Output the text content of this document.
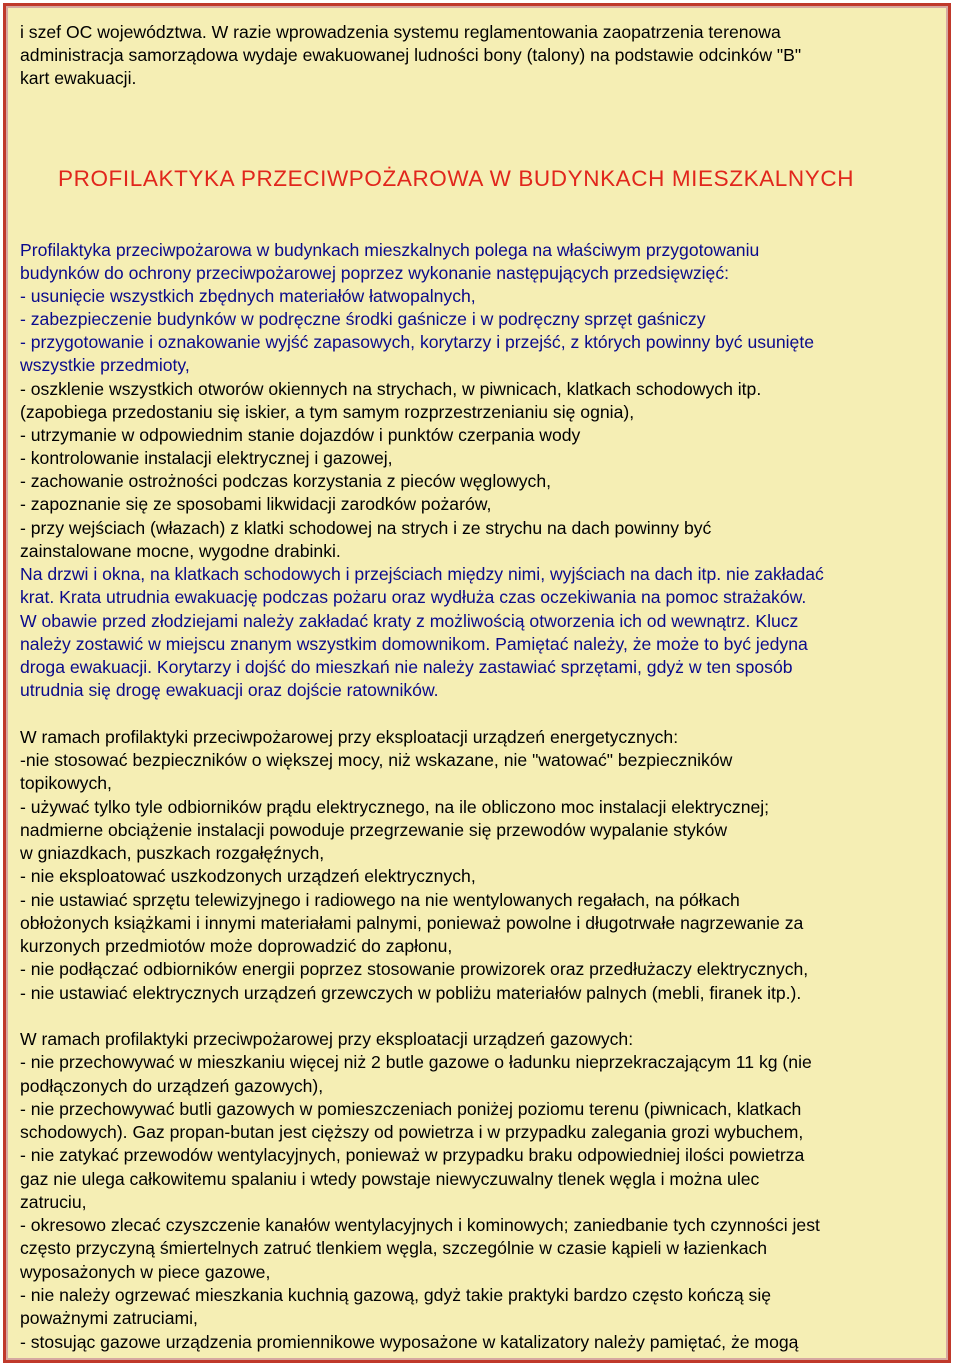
i szef OC województwa. W razie wprowadzenia systemu reglamentowania zaopatrzenia terenowa
administracja samorządowa wydaje ewakuowanej ludności bony (talony) na podstawie odcinków "B"
kart ewakuacji.
PROFILAKTYKA PRZECIWPOŻAROWA W BUDYNKACH MIESZKALNYCH
Profilaktyka przeciwpożarowa w budynkach mieszkalnych polega na właściwym przygotowaniu
budynków do ochrony przeciwpożarowej poprzez wykonanie następujących przedsięwzięć:
- usunięcie wszystkich zbędnych materiałów łatwopalnych,
- zabezpieczenie budynków w podręczne środki gaśnicze i w podręczny sprzęt gaśniczy
- przygotowanie i oznakowanie wyjść zapasowych, korytarzy i przejść, z których powinny być usunięte
wszystkie przedmioty,
- oszklenie wszystkich otworów okiennych na strychach, w piwnicach, klatkach schodowych itp.
(zapobiega przedostaniu się iskier, a tym samym rozprzestrzenianiu się ognia),
- utrzymanie w odpowiednim stanie dojazdów i punktów czerpania wody
- kontrolowanie instalacji elektrycznej i gazowej,
- zachowanie ostrożności podczas korzystania z pieców węglowych,
- zapoznanie się ze sposobami likwidacji zarodków pożarów,
- przy wejściach (włazach) z klatki schodowej na strych i ze strychu na dach powinny być
zainstalowane mocne, wygodne drabinki.
Na drzwi i okna, na klatkach schodowych i przejściach między nimi, wyjściach na dach itp. nie zakładać
krat. Krata utrudnia ewakuację podczas pożaru oraz wydłuża czas oczekiwania na pomoc strażaków.
W obawie przed złodziejami należy zakładać kraty z możliwością otworzenia ich od wewnątrz. Klucz
należy zostawić w miejscu znanym wszystkim domownikom. Pamiętać należy, że może to być jedyna
droga ewakuacji. Korytarzy i dojść do mieszkań nie należy zastawiać sprzętami, gdyż w ten sposób
utrudnia się drogę ewakuacji oraz dojście ratowników.
W ramach profilaktyki przeciwpożarowej przy eksploatacji urządzeń energetycznych:
-nie stosować bezpieczników o większej mocy, niż wskazane, nie "watować" bezpieczników
topikowych,
- używać tylko tyle odbiorników prądu elektrycznego, na ile obliczono moc instalacji elektrycznej;
nadmierne obciążenie instalacji powoduje przegrzewanie się przewodów wypalanie styków
w gniazdkach, puszkach rozgałęźnych,
- nie eksploatować uszkodzonych urządzeń elektrycznych,
- nie ustawiać sprzętu telewizyjnego i radiowego na nie wentylowanych regałach, na półkach
obłożonych książkami i innymi materiałami palnymi, ponieważ powolne i długotrwałe nagrzewanie za
kurzonych przedmiotów może doprowadzić do zapłonu,
- nie podłączać odbiorników energii poprzez stosowanie prowizorek oraz przedłużaczy elektrycznych,
- nie ustawiać elektrycznych urządzeń grzewczych w pobliżu materiałów palnych (mebli, firanek itp.).
W ramach profilaktyki przeciwpożarowej przy eksploatacji urządzeń gazowych:
- nie przechowywać w mieszkaniu więcej niż 2 butle gazowe o ładunku nieprzekraczającym 11 kg (nie
podłączonych do urządzeń gazowych),
- nie przechowywać butli gazowych w pomieszczeniach poniżej poziomu terenu (piwnicach, klatkach
schodowych). Gaz propan-butan jest cięższy od powietrza i w przypadku zalegania grozi wybuchem,
- nie zatykać przewodów wentylacyjnych, ponieważ w przypadku braku odpowiedniej ilości powietrza
gaz nie ulega całkowitemu spalaniu i wtedy powstaje niewyczuwalny tlenek węgla i można ulec
zatruciu,
- okresowo zlecać czyszczenie kanałów wentylacyjnych i kominowych; zaniedbanie tych czynności jest
często przyczyną śmiertelnych zatruć tlenkiem węgla, szczególnie w czasie kąpieli w łazienkach
wyposażonych w piece gazowe,
- nie należy ogrzewać mieszkania kuchnią gazową, gdyż takie praktyki bardzo często kończą się
poważnymi zatruciami,
- stosując gazowe urządzenia promiennikowe wyposażone w katalizatory należy pamiętać, że mogą
